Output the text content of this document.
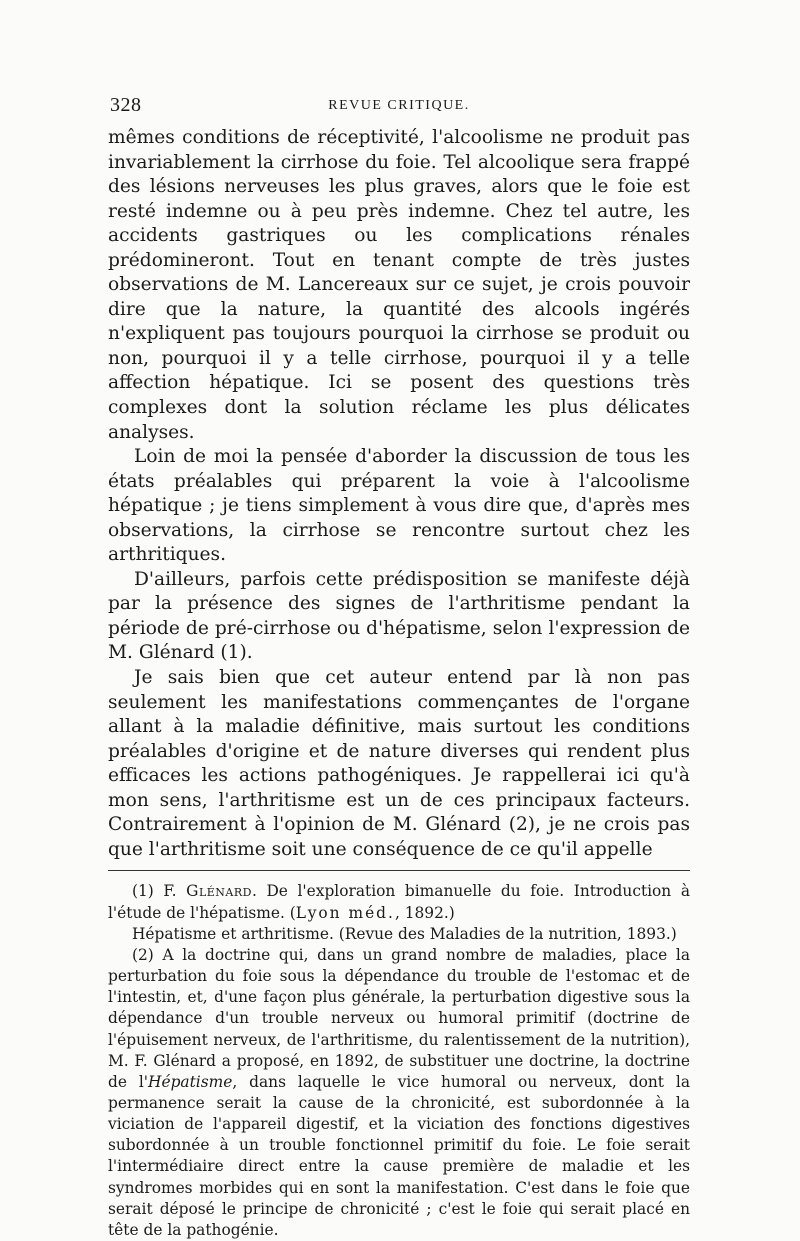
328	REVUE CRITIQUE.

mêmes conditions de réceptivité, l'alcoolisme ne produit pas invariablement la cirrhose du foie. Tel alcoolique sera frappé des lésions nerveuses les plus graves, alors que le foie est resté indemne ou à peu près indemne. Chez tel autre, les accidents gastriques ou les complications rénales prédomineront. Tout en tenant compte de très justes observations de M. Lancereaux sur ce sujet, je crois pouvoir dire que la nature, la quantité des alcools ingérés n'expliquent pas toujours pourquoi la cirrhose se produit ou non, pourquoi il y a telle cirrhose, pourquoi il y a telle affection hépatique. Ici se posent des questions très complexes dont la solution réclame les plus délicates analyses.

Loin de moi la pensée d'aborder la discussion de tous les états préalables qui préparent la voie à l'alcoolisme hépatique ; je tiens simplement à vous dire que, d'après mes observations, la cirrhose se rencontre surtout chez les arthritiques.

D'ailleurs, parfois cette prédisposition se manifeste déjà par la présence des signes de l'arthritisme pendant la période de pré-cirrhose ou d'hépatisme, selon l'expression de M. Glénard (1).

Je sais bien que cet auteur entend par là non pas seulement les manifestations commençantes de l'organe allant à la maladie définitive, mais surtout les conditions préalables d'origine et de nature diverses qui rendent plus efficaces les actions pathogéniques. Je rappellerai ici qu'à mon sens, l'arthritisme est un de ces principaux facteurs. Contrairement à l'opinion de M. Glénard (2), je ne crois pas que l'arthritisme soit une conséquence de ce qu'il appelle

(1) F. Glénard. De l'exploration bimanuelle du foie. Introduction à l'étude de l'hépatisme. (Lyon méd., 1892.)

Hépatisme et arthritisme. (Revue des Maladies de la nutrition, 1893.)

(2) A la doctrine qui, dans un grand nombre de maladies, place la perturbation du foie sous la dépendance du trouble de l'estomac et de l'intestin, et, d'une façon plus générale, la perturbation digestive sous la dépendance d'un trouble nerveux ou humoral primitif (doctrine de l'épuisement nerveux, de l'arthritisme, du ralentissement de la nutrition), M. F. Glénard a proposé, en 1892, de substituer une doctrine, la doctrine de l'Hépatisme, dans laquelle le vice humoral ou nerveux, dont la permanence serait la cause de la chronicité, est subordonnée à la viciation de l'appareil digestif, et la viciation des fonctions digestives subordonnée à un trouble fonctionnel primitif du foie. Le foie serait l'intermédiaire direct entre la cause première de maladie et les syndromes morbides qui en sont la manifestation. C'est dans le foie que serait déposé le principe de chronicité ; c'est le foie qui serait placé en tête de la pathogénie.
